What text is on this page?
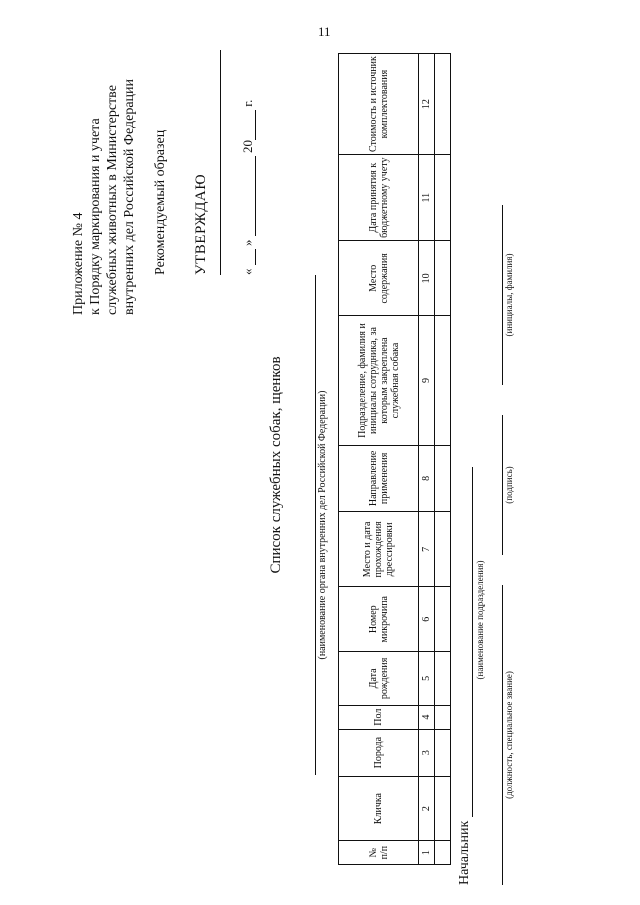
11
Приложение № 4 к Порядку маркирования и учета служебных животных в Министерстве внутренних дел Российской Федерации Рекомендуемый образец УТВЕРЖДАЮ «  »  20 г.
Список служебных собак, щенков	(наименование органа внутренних дел Российской Федерации)
№ п/п	Кличка	Порода	Пол	Дата рождения	Номер микрочипа	Место и дата прохождения дрессировки	Направление применения	Подразделение, фамилия и инициалы сотрудника, за которым закреплена служебная собака	Место содержания	Дата принятия к бюджетному учету	Стоимость и источник комплектования
1	2	3	4	5	6	7	8	9	10	11	12

Начальник
(наименование подразделения)
(должность, специальное звание)
(подпись)
(инициалы, фамилия)
